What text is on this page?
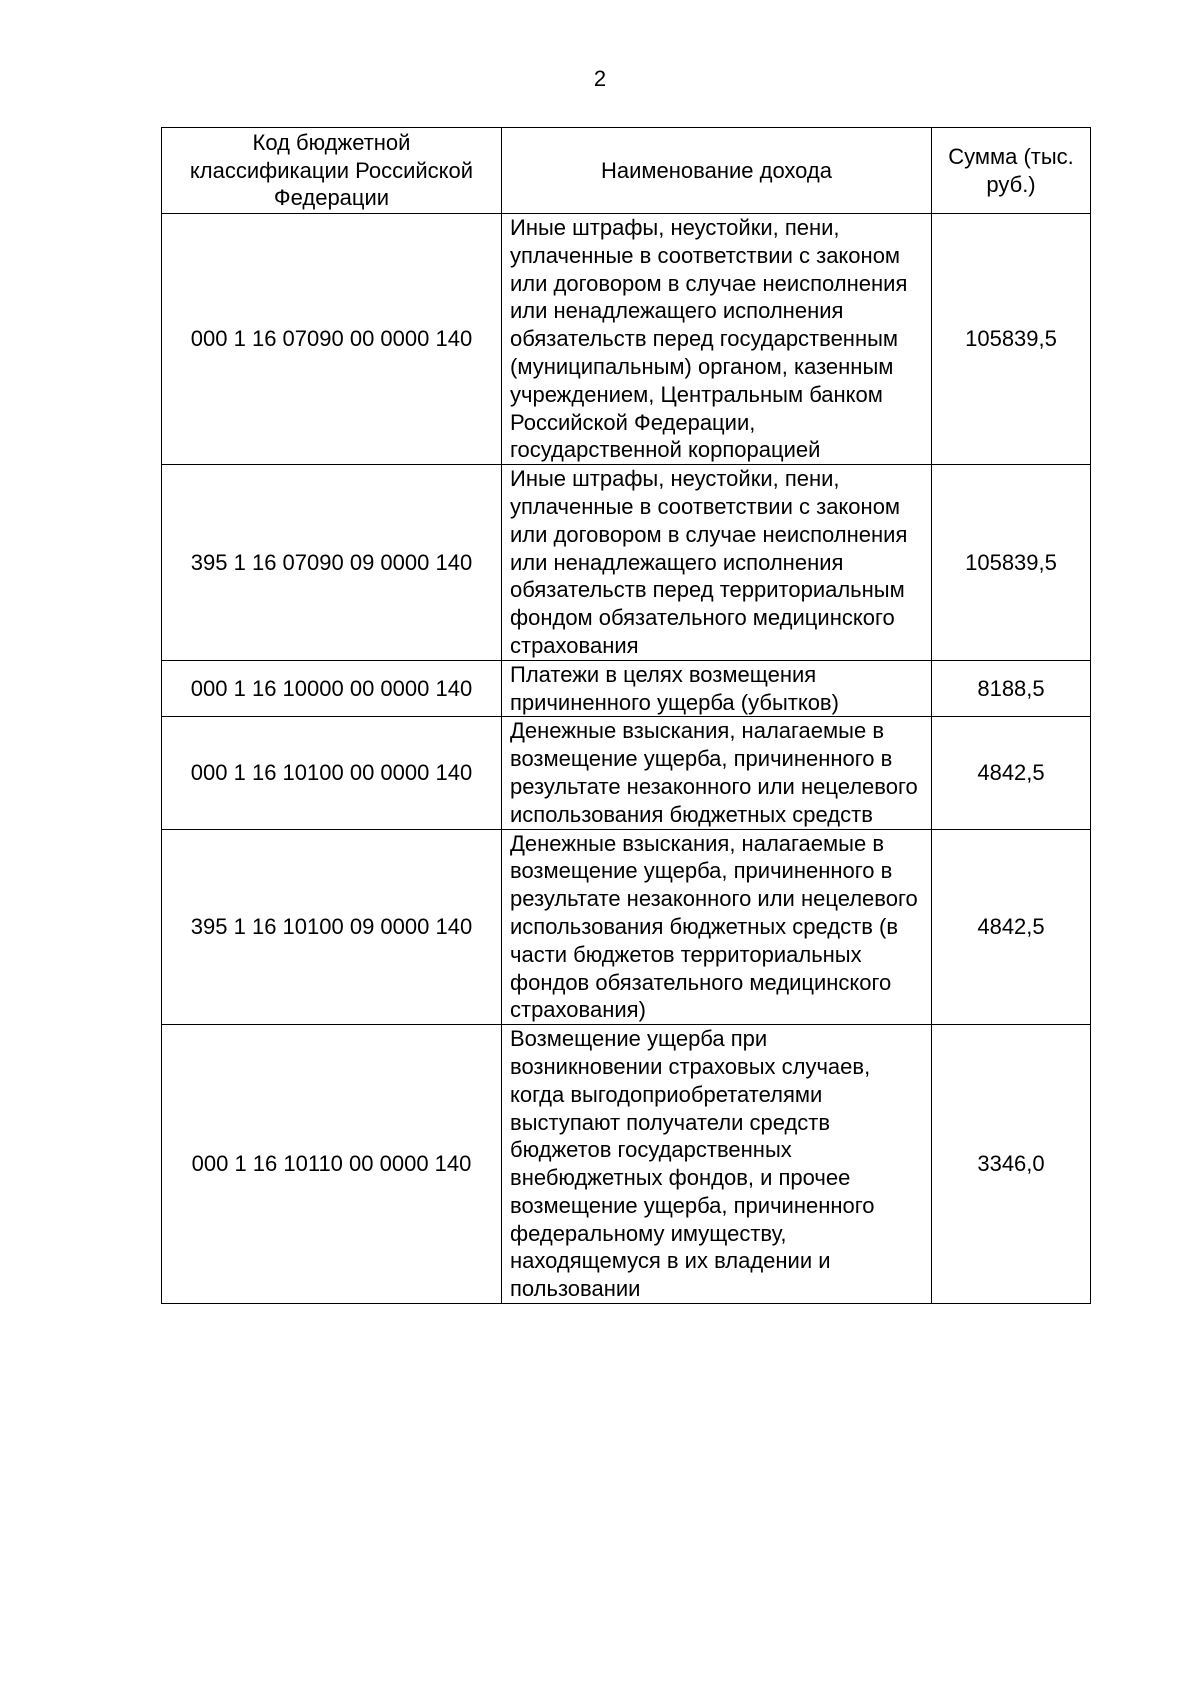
2
Код бюджетной классификации Российской Федерации	Наименование дохода	Сумма (тыс. руб.)
000 1 16 07090 00 0000 140	Иные штрафы, неустойки, пени, уплаченные в соответствии с законом или договором в случае неисполнения или ненадлежащего исполнения обязательств перед государственным (муниципальным) органом, казенным учреждением, Центральным банком Российской Федерации, государственной корпорацией	105839,5
395 1 16 07090 09 0000 140	Иные штрафы, неустойки, пени, уплаченные в соответствии с законом или договором в случае неисполнения или ненадлежащего исполнения обязательств перед территориальным фондом обязательного медицинского страхования	105839,5
000 1 16 10000 00 0000 140	Платежи в целях возмещения причиненного ущерба (убытков)	8188,5
000 1 16 10100 00 0000 140	Денежные взыскания, налагаемые в возмещение ущерба, причиненного в результате незаконного или нецелевого использования бюджетных средств	4842,5
395 1 16 10100 09 0000 140	Денежные взыскания, налагаемые в возмещение ущерба, причиненного в результате незаконного или нецелевого использования бюджетных средств (в части бюджетов территориальных фондов обязательного медицинского страхования)	4842,5
000 1 16 10110 00 0000 140	Возмещение ущерба при возникновении страховых случаев, когда выгодоприобретателями выступают получатели средств бюджетов государственных внебюджетных фондов, и прочее возмещение ущерба, причиненного федеральному имуществу, находящемуся в их владении и пользовании	3346,0
